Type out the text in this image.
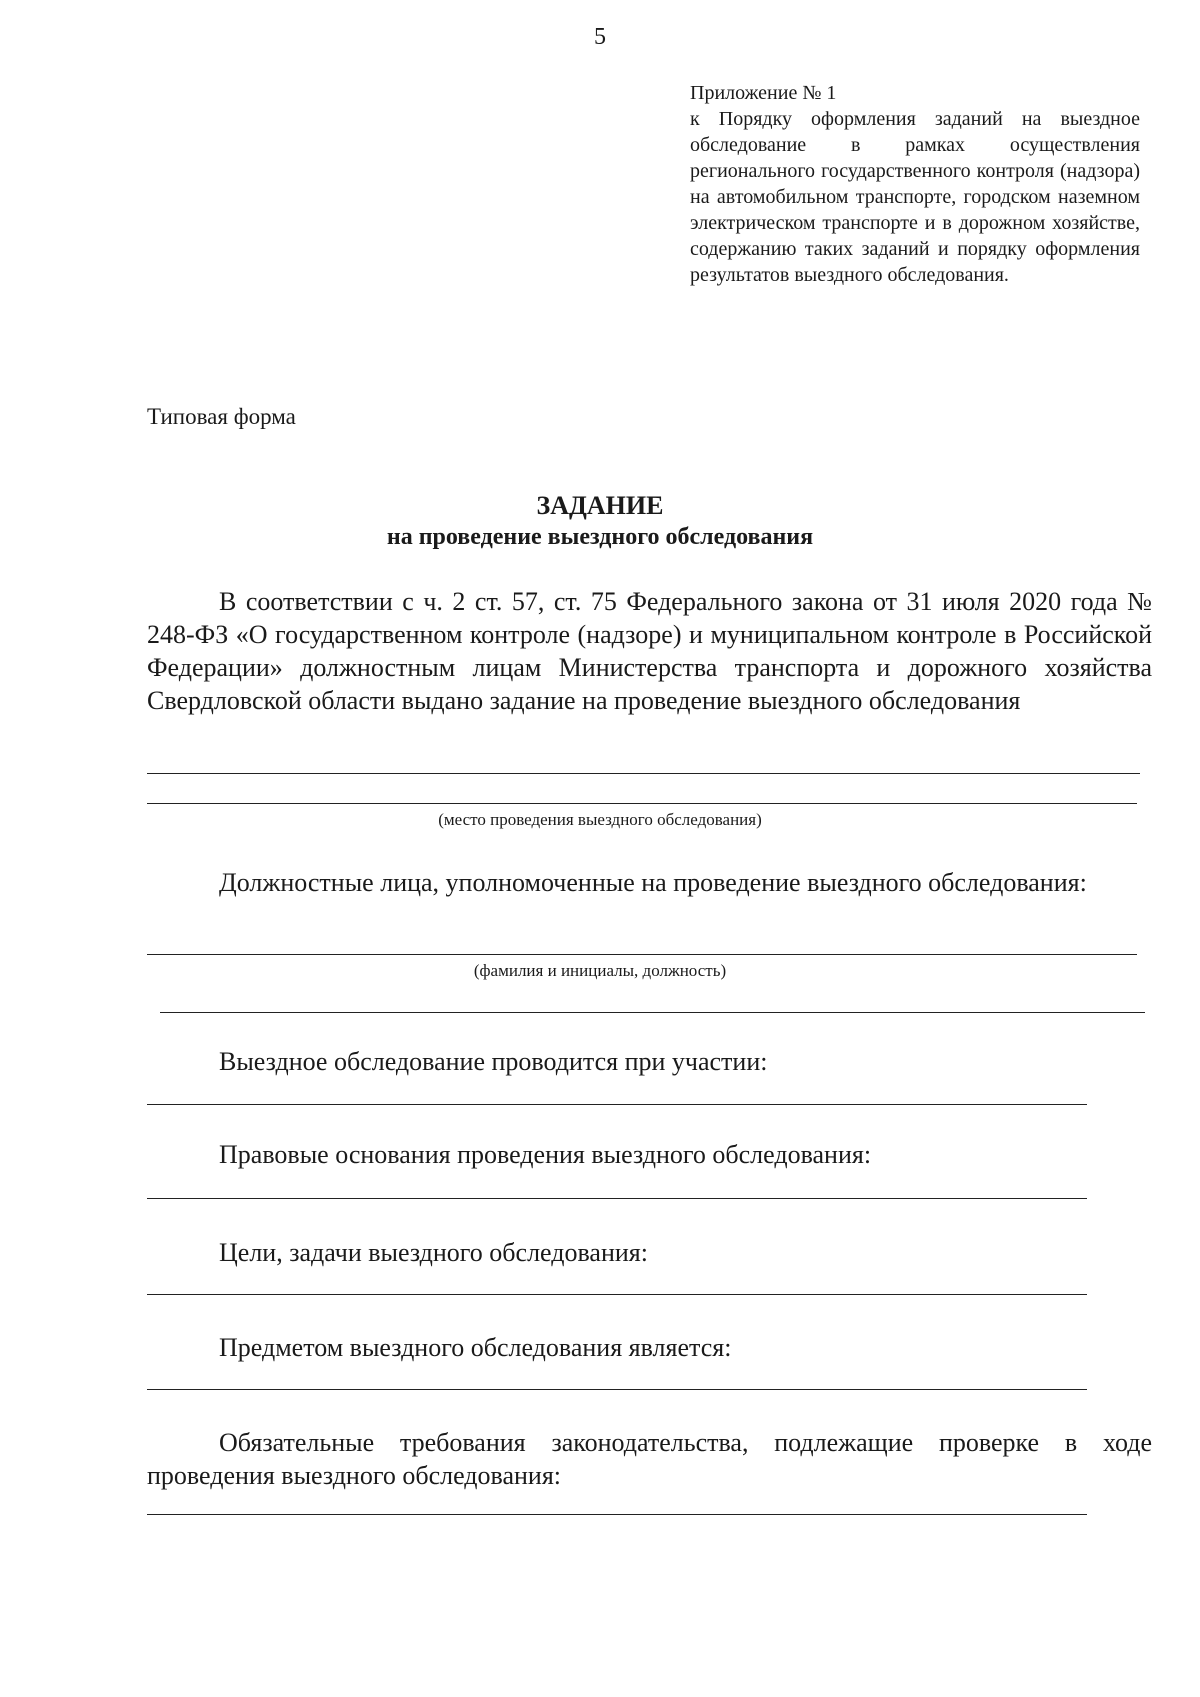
5
Приложение № 1
к Порядку оформления заданий на выездное обследование в рамках осуществления регионального государственного контроля (надзора) на автомобильном транспорте, городском наземном электрическом транспорте и в дорожном хозяйстве, содержанию таких заданий и порядку оформления результатов выездного обследования.
Типовая форма
ЗАДАНИЕ
на проведение выездного обследования
В соответствии с ч. 2 ст. 57, ст. 75 Федерального закона от 31 июля 2020 года № 248-ФЗ «О государственном контроле (надзоре) и муниципальном контроле в Российской Федерации» должностным лицам Министерства транспорта и дорожного хозяйства Свердловской области выдано задание на проведение выездного обследования
(место проведения выездного обследования)
Должностные лица, уполномоченные на проведение выездного обследования:
(фамилия и инициалы, должность)
Выездное обследование проводится при участии:
Правовые основания проведения выездного обследования:
Цели, задачи выездного обследования:
Предметом выездного обследования является:
Обязательные требования законодательства, подлежащие проверке в ходе проведения выездного обследования:
